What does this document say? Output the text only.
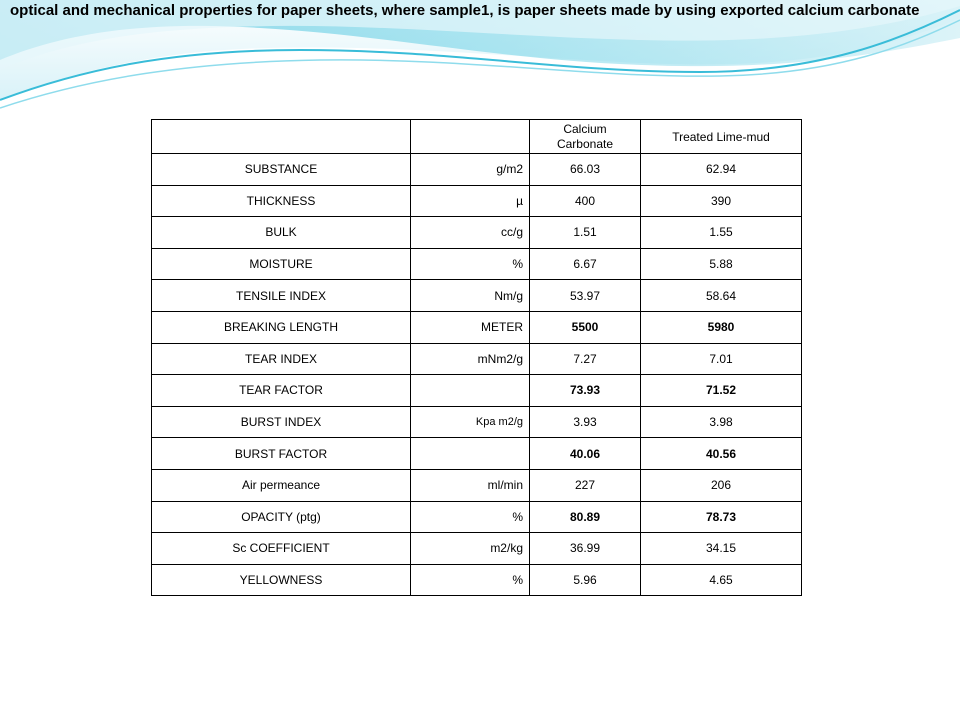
optical and mechanical properties for paper sheets, where sample1, is paper sheets made by using exported calcium carbonate
		Calcium Carbonate	Treated Lime-mud
SUBSTANCE	g/m2	66.03	62.94
THICKNESS	µ	400	390
BULK	cc/g	1.51	1.55
MOISTURE	%	6.67	5.88
TENSILE INDEX	Nm/g	53.97	58.64
BREAKING LENGTH	METER	5500	5980
TEAR INDEX	mNm2/g	7.27	7.01
TEAR FACTOR		73.93	71.52
BURST INDEX	Kpa m2/g	3.93	3.98
BURST FACTOR		40.06	40.56
Air permeance	ml/min	227	206
OPACITY (ptg)	%	80.89	78.73
Sc COEFFICIENT	m2/kg	36.99	34.15
YELLOWNESS	%	5.96	4.65
